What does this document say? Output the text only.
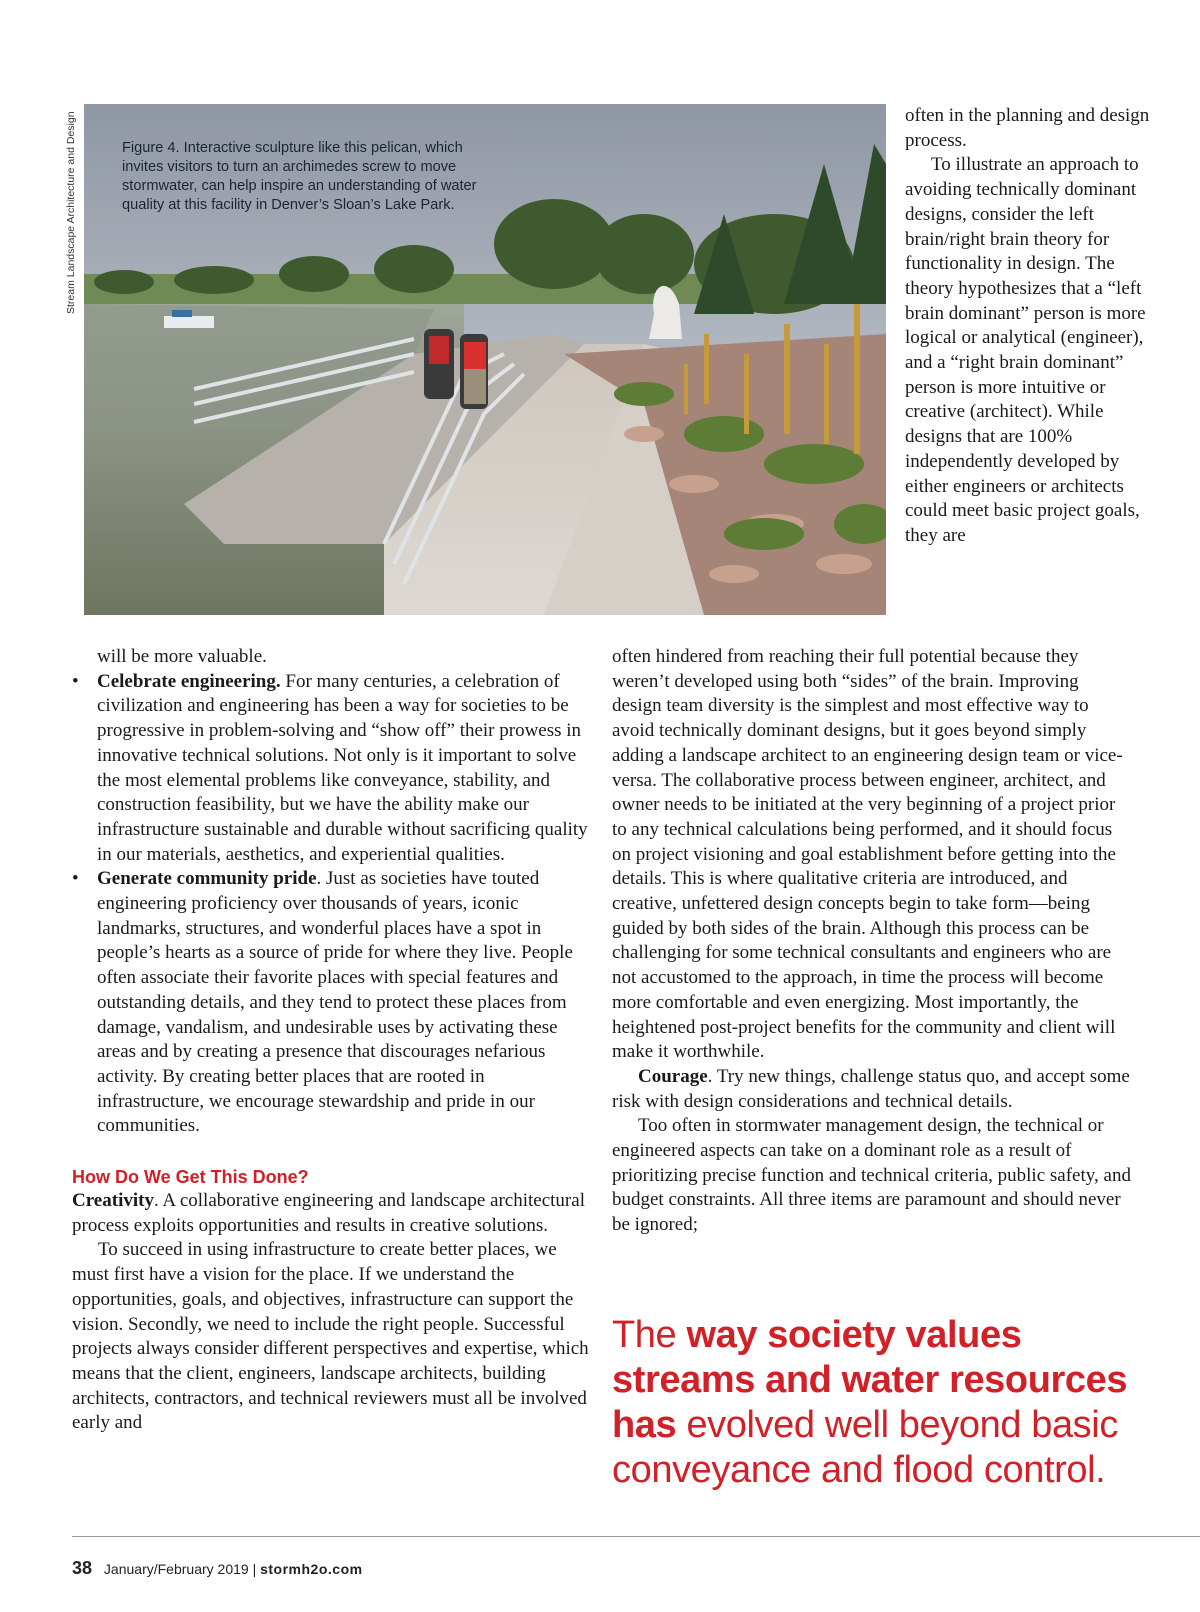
Stream Landscape Architecture and Design	Figure 4. Interactive sculpture like this pelican, which invites visitors to turn an archimedes screw to move stormwater, can help inspire an understanding of water quality at this facility in Denver’s Sloan’s Lake Park.

often in the planning and design process.

To illustrate an approach to avoiding technically dominant designs, consider the left brain/right brain theory for functionality in design. The theory hypothesizes that a “left brain dominant” person is more logical or analytical (engineer), and a “right brain dominant” person is more intuitive or creative (architect). While designs that are 100% independently developed by either engineers or architects could meet basic project goals, they are

will be more valuable.

• Celebrate engineering. For many centuries, a celebration of civilization and engineering has been a way for societies to be progressive in problem-solving and “show off” their prowess in innovative technical solutions. Not only is it important to solve the most elemental problems like conveyance, stability, and construction feasibility, but we have the ability make our infrastructure sustainable and durable without sacrificing quality in our materials, aesthetics, and experiential qualities.
• Generate community pride. Just as societies have touted engineering proficiency over thousands of years, iconic landmarks, structures, and wonderful places have a spot in people’s hearts as a source of pride for where they live. People often associate their favorite places with special features and outstanding details, and they tend to protect these places from damage, vandalism, and undesirable uses by activating these areas and by creating a presence that discourages nefarious activity. By creating better places that are rooted in infrastructure, we encourage stewardship and pride in our communities.
How Do We Get This Done?

Creativity. A collaborative engineering and landscape architectural process exploits opportunities and results in creative solutions.

To succeed in using infrastructure to create better places, we must first have a vision for the place. If we understand the opportunities, goals, and objectives, infrastructure can support the vision. Secondly, we need to include the right people. Successful projects always consider different perspectives and expertise, which means that the client, engineers, landscape architects, building architects, contractors, and technical reviewers must all be involved early and

often hindered from reaching their full potential because they weren’t developed using both “sides” of the brain. Improving design team diversity is the simplest and most effective way to avoid technically dominant designs, but it goes beyond simply adding a landscape architect to an engineering design team or vice-versa. The collaborative process between engineer, architect, and owner needs to be initiated at the very beginning of a project prior to any technical calculations being performed, and it should focus on project visioning and goal establishment before getting into the details. This is where qualitative criteria are introduced, and creative, unfettered design concepts begin to take form—being guided by both sides of the brain. Although this process can be challenging for some technical consultants and engineers who are not accustomed to the approach, in time the process will become more comfortable and even energizing. Most importantly, the heightened post-project benefits for the community and client will make it worthwhile.

Courage. Try new things, challenge status quo, and accept some risk with design considerations and technical details.

Too often in stormwater management design, the technical or engineered aspects can take on a dominant role as a result of prioritizing precise function and technical criteria, public safety, and budget constraints. All three items are paramount and should never be ignored;

The way society values streams and water resources has evolved well beyond basic conveyance and flood control.
38 January/February 2019 | stormh2o.com
